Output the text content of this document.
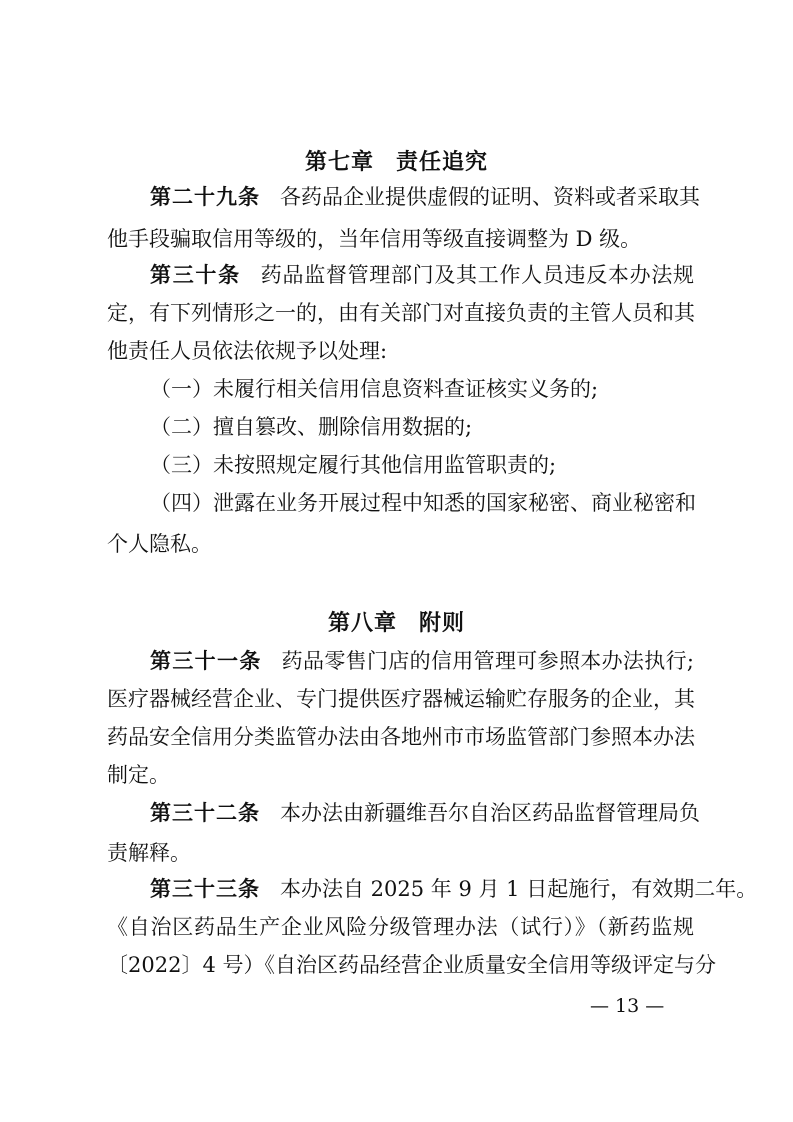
第七章 责任追究
第二十九条 各药品企业提供虚假的证明、资料或者采取其
他手段骗取信用等级的，当年信用等级直接调整为 D 级。
第三十条 药品监督管理部门及其工作人员违反本办法规
定，有下列情形之一的，由有关部门对直接负责的主管人员和其
他责任人员依法依规予以处理:
（一）未履行相关信用信息资料查证核实义务的;
（二）擅自篡改、删除信用数据的;
（三）未按照规定履行其他信用监管职责的;
（四）泄露在业务开展过程中知悉的国家秘密、商业秘密和
个人隐私。
第八章 附则
第三十一条 药品零售门店的信用管理可参照本办法执行;
医疗器械经营企业、专门提供医疗器械运输贮存服务的企业，其
药品安全信用分类监管办法由各地州市市场监管部门参照本办法
制定。
第三十二条 本办法由新疆维吾尔自治区药品监督管理局负
责解释。
第三十三条 本办法自 2025 年 9 月 1 日起施行，有效期二年。
《自治区药品生产企业风险分级管理办法（试行）》（新药监规
〔2022〕4 号）《自治区药品经营企业质量安全信用等级评定与分
— 13 —
